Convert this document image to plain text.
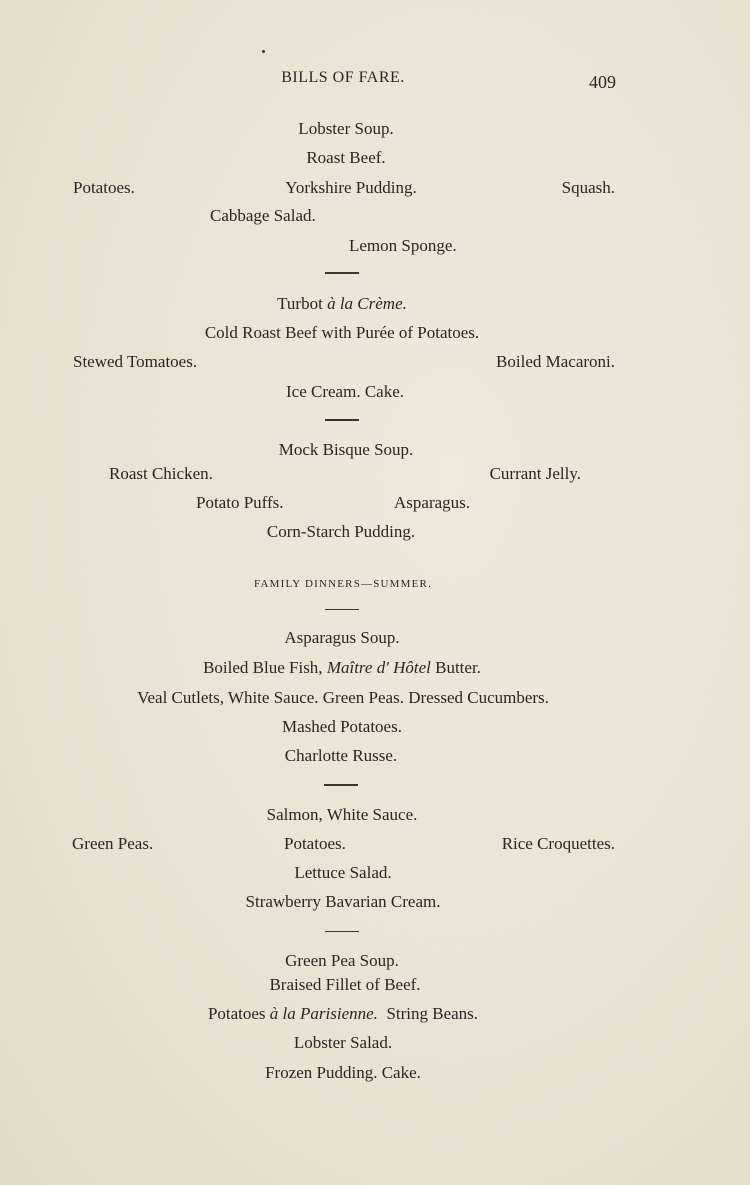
BILLS OF FARE.	409
Lobster Soup.
Roast Beef.
Potatoes.	Yorkshire Pudding.	Squash.
Cabbage Salad.
Lemon Sponge.
Turbot à la Crème.
Cold Roast Beef with Purée of Potatoes.
Stewed Tomatoes.	Boiled Macaroni.
Ice Cream. Cake.
Mock Bisque Soup.
Roast Chicken.	Currant Jelly.
Potato Puffs.	Asparagus.
Corn-Starch Pudding.
FAMILY DINNERS—SUMMER.
Asparagus Soup.
Boiled Blue Fish, Maître d' Hôtel Butter.
Veal Cutlets, White Sauce. Green Peas. Dressed Cucumbers.
Mashed Potatoes.
Charlotte Russe.
Salmon, White Sauce.
Green Peas.	Potatoes.	Rice Croquettes.
Lettuce Salad.
Strawberry Bavarian Cream.
Green Pea Soup.
Braised Fillet of Beef.
Potatoes à la Parisienne.  String Beans.
Lobster Salad.
Frozen Pudding. Cake.
